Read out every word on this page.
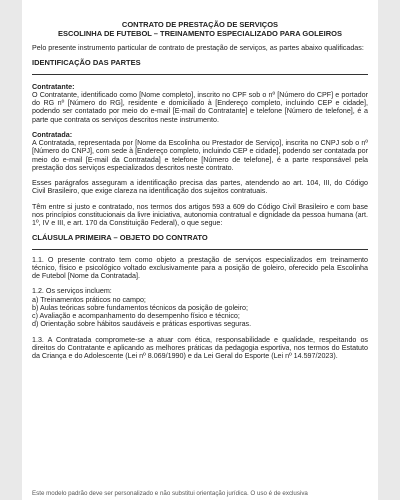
CONTRATO DE PRESTAÇÃO DE SERVIÇOS
ESCOLINHA DE FUTEBOL – TREINAMENTO ESPECIALIZADO PARA GOLEIROS

Pelo presente instrumento particular de contrato de prestação de serviços, as partes abaixo qualificadas:

IDENTIFICAÇÃO DAS PARTES
Contratante:

O Contratante, identificado como [Nome completo], inscrito no CPF sob o nº [Número do CPF] e portador do RG nº [Número do RG], residente e domiciliado à [Endereço completo, incluindo CEP e cidade], podendo ser contatado por meio do e-mail [E-mail do Contratante] e telefone [Número de telefone], é a parte que contrata os serviços descritos neste instrumento.

Contratada:

A Contratada, representada por [Nome da Escolinha ou Prestador de Serviço], inscrita no CNPJ sob o nº [Número do CNPJ], com sede à [Endereço completo, incluindo CEP e cidade], podendo ser contatada por meio do e-mail [E-mail da Contratada] e telefone [Número de telefone], é a parte responsável pela prestação dos serviços especializados descritos neste contrato.

Esses parágrafos asseguram a identificação precisa das partes, atendendo ao art. 104, III, do Código Civil Brasileiro, que exige clareza na identificação dos sujeitos contratuais.

Têm entre si justo e contratado, nos termos dos artigos 593 a 609 do Código Civil Brasileiro e com base nos princípios constitucionais da livre iniciativa, autonomia contratual e dignidade da pessoa humana (art. 1º, IV e III, e art. 170 da Constituição Federal), o que segue:

CLÁUSULA PRIMEIRA – OBJETO DO CONTRATO

1.1. O presente contrato tem como objeto a prestação de serviços especializados em treinamento técnico, físico e psicológico voltado exclusivamente para a posição de goleiro, oferecido pela Escolinha de Futebol [Nome da Contratada].

1.2. Os serviços incluem:
a) Treinamentos práticos no campo;
b) Aulas teóricas sobre fundamentos técnicos da posição de goleiro;
c) Avaliação e acompanhamento do desempenho físico e técnico;
d) Orientação sobre hábitos saudáveis e práticas esportivas seguras.

1.3. A Contratada compromete-se a atuar com ética, responsabilidade e qualidade, respeitando os direitos do Contratante e aplicando as melhores práticas da pedagogia esportiva, nos termos do Estatuto da Criança e do Adolescente (Lei nº 8.069/1990) e da Lei Geral do Esporte (Lei nº 14.597/2023).

Este modelo padrão deve ser personalizado e não substitui orientação jurídica. O uso é de exclusiva
